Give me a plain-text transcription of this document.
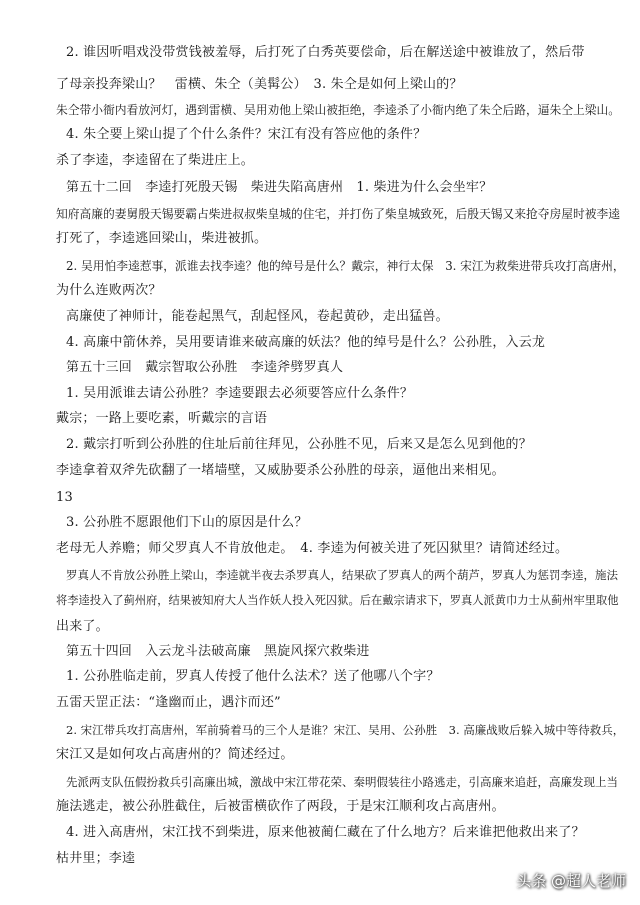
2. 谁因听唱戏没带赏钱被羞辱，后打死了白秀英要偿命，后在解送途中被谁放了，然后带
了母亲投奔梁山？　雷横、朱仝（美髯公）　3. 朱仝是如何上梁山的？
朱仝带小衙内看放河灯，遇到雷横、吴用劝他上梁山被拒绝，李逵杀了小衙内绝了朱仝后路，逼朱仝上梁山。
4. 朱仝要上梁山提了个什么条件？宋江有没有答应他的条件？
杀了李逵，李逵留在了柴进庄上。
第五十二回　李逵打死殷天锡　柴进失陷高唐州　1. 柴进为什么会坐牢？
知府高廉的妻舅殷天锡要霸占柴进叔叔柴皇城的住宅，并打伤了柴皇城致死，后殷天锡又来抢夺房屋时被李逵
打死了，李逵逃回梁山，柴进被抓。
2. 吴用怕李逵惹事，派谁去找李逵？他的绰号是什么？戴宗，神行太保　3. 宋江为救柴进带兵攻打高唐州，
为什么连败两次？
高廉使了神师计，能卷起黑气，刮起怪风，卷起黄砂，走出猛兽。
4. 高廉中箭休养，吴用要请谁来破高廉的妖法？他的绰号是什么？公孙胜，入云龙
第五十三回　戴宗智取公孙胜　李逵斧劈罗真人
1. 吴用派谁去请公孙胜？李逵要跟去必须要答应什么条件？
戴宗；一路上要吃素，听戴宗的言语
2. 戴宗打听到公孙胜的住址后前往拜见，公孙胜不见，后来又是怎么见到他的？
李逵拿着双斧先砍翻了一堵墙壁，又威胁要杀公孙胜的母亲，逼他出来相见。
13
3. 公孙胜不愿跟他们下山的原因是什么？
老母无人养赡；师父罗真人不肯放他走。　4. 李逵为何被关进了死囚狱里？请简述经过。
罗真人不肯放公孙胜上梁山，李逵就半夜去杀罗真人，结果砍了罗真人的两个葫芦，罗真人为惩罚李逵，施法
将李逵投入了蓟州府，结果被知府大人当作妖人投入死囚狱。后在戴宗请求下，罗真人派黄巾力士从蓟州牢里取他
出来了。
第五十四回　入云龙斗法破高廉　黑旋风探穴救柴进
1. 公孙胜临走前，罗真人传授了他什么法术？送了他哪八个字？
五雷天罡正法：“逢幽而止，遇汴而还”
2. 宋江带兵攻打高唐州，军前骑着马的三个人是谁？宋江、吴用、公孙胜　3. 高廉战败后躲入城中等待救兵，
宋江又是如何攻占高唐州的？简述经过。
先派两支队伍假扮救兵引高廉出城，激战中宋江带花荣、秦明假装往小路逃走，引高廉来追赶，高廉发现上当
施法逃走，被公孙胜截住，后被雷横砍作了两段，于是宋江顺利攻占高唐州。
4. 进入高唐州，宋江找不到柴进，原来他被蔺仁藏在了什么地方？后来谁把他救出来了？
枯井里；李逵
头条 @超人老师
